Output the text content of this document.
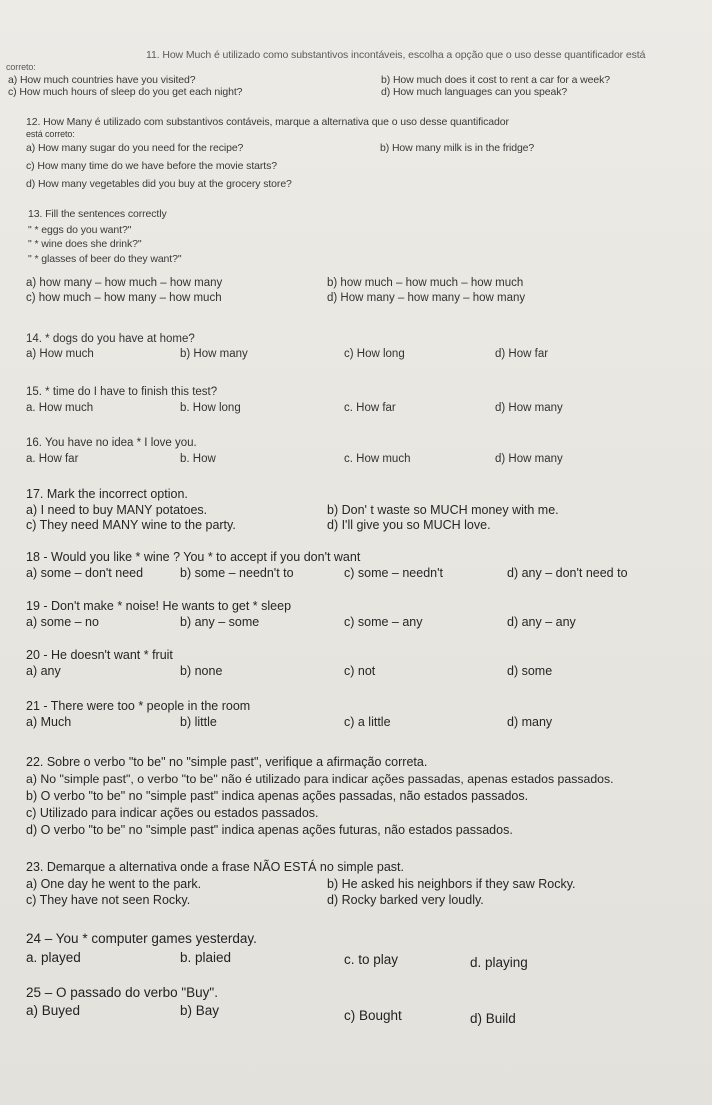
11. How Much é utilizado como substantivos incontáveis, escolha a opção que o uso desse quantificador está
correto:
a) How much countries have you visited?	b) How much does it cost to rent a car for a week?
c) How much hours of sleep do you get each night?	d) How much languages can you speak?
12. How Many é utilizado com substantivos contáveis, marque a alternativa que o uso desse quantificador
está correto:
a) How many sugar do you need for the recipe?	b) How many milk is in the fridge?
c) How many time do we have before the movie starts?
d) How many vegetables did you buy at the grocery store?
13. Fill the sentences correctly
" * eggs do you want?"
" * wine does she drink?"
" * glasses of beer do they want?"
a) how many – how much – how many	b) how much – how much – how much
c) how much – how many – how much	d) How many – how many – how many
14. * dogs do you have at home?
a) How much	b) How many	c) How long	d) How far
15. * time do I have to finish this test?
a. How much	b. How long	c. How far	d) How many
16. You have no idea * I love you.
a. How far	b. How	c. How much	d) How many
17. Mark the incorrect option.
a) I need to buy MANY potatoes.	b) Don' t waste so MUCH money with me.
c) They need MANY wine to the party.	d) I'll give you so MUCH love.
18 - Would you like * wine ? You * to accept if you don't want
a) some – don't need	b) some – needn't to	c) some – needn't	d) any – don't need to
19 - Don't make * noise! He wants to get * sleep
a) some – no	b) any – some	c) some – any	d) any – any
20 - He doesn't want * fruit
a) any	b) none	c) not	d) some
21 - There were too * people in the room
a) Much	b) little	c) a little	d) many
22. Sobre o verbo "to be" no "simple past", verifique a afirmação correta.
a) No "simple past", o verbo "to be" não é utilizado para indicar ações passadas, apenas estados passados.
b) O verbo "to be" no "simple past" indica apenas ações passadas, não estados passados.
c) Utilizado para indicar ações ou estados passados.
d) O verbo "to be" no "simple past" indica apenas ações futuras, não estados passados.
23. Demarque a alternativa onde a frase NÃO ESTÁ no simple past.
a) One day he went to the park.	b) He asked his neighbors if they saw Rocky.
c) They have not seen Rocky.	d) Rocky barked very loudly.
24 – You * computer games yesterday.
a. played	b. plaied	c. to play	d. playing
25 – O passado do verbo "Buy".
a) Buyed	b) Bay	c) Bought	d) Build
